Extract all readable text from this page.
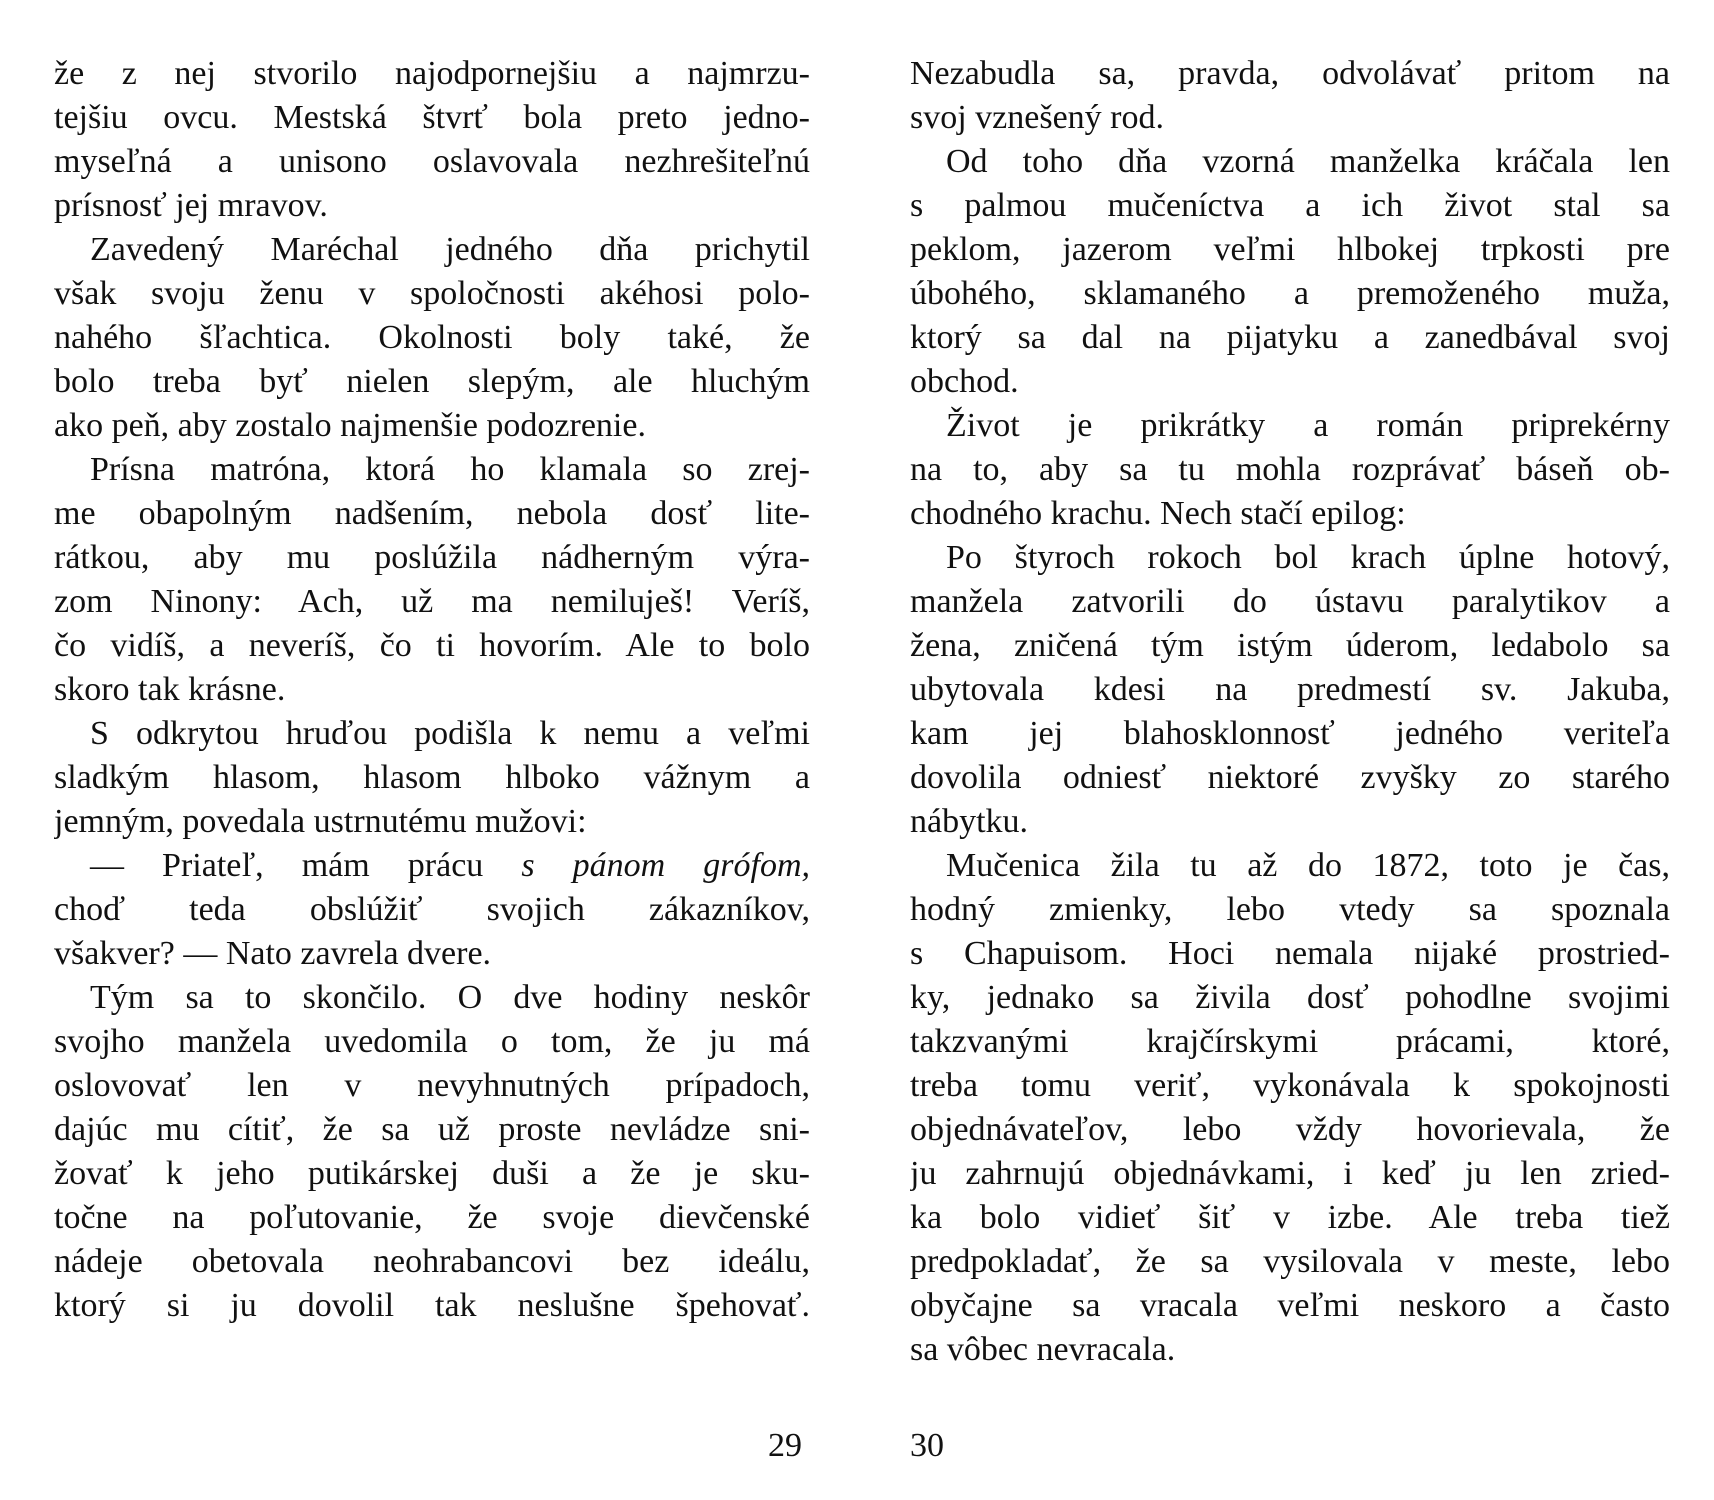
že z nej stvorilo najodpornejšiu a najmrzu-
tejšiu ovcu. Mestská štvrť bola preto jedno-
myseľná a unisono oslavovala nezhrešiteľnú
prísnosť jej mravov.
Zavedený Maréchal jedného dňa prichytil
však svoju ženu v spoločnosti akéhosi polo-
nahého šľachtica. Okolnosti boly také, že
bolo treba byť nielen slepým, ale hluchým
ako peň, aby zostalo najmenšie podozrenie.
Prísna matróna, ktorá ho klamala so zrej-
me obapolným nadšením, nebola dosť lite-
rátkou, aby mu poslúžila nádherným výra-
zom Ninony: Ach, už ma nemiluješ! Veríš,
čo vidíš, a neveríš, čo ti hovorím. Ale to bolo
skoro tak krásne.
S odkrytou hruďou podišla k nemu a veľmi
sladkým hlasom, hlasom hlboko vážnym a
jemným, povedala ustrnutému mužovi:
— Priateľ, mám prácu s pánom grófom,
choď teda obslúžiť svojich zákazníkov,
všakver? — Nato zavrela dvere.
Tým sa to skončilo. O dve hodiny neskôr
svojho manžela uvedomila o tom, že ju má
oslovovať len v nevyhnutných prípadoch,
dajúc mu cítiť, že sa už proste nevládze sni-
žovať k jeho putikárskej duši a že je sku-
točne na poľutovanie, že svoje dievčenské
nádeje obetovala neohrabancovi bez ideálu,
ktorý si ju dovolil tak neslušne špehovať.
Nezabudla sa, pravda, odvolávať pritom na
svoj vznešený rod.
Od toho dňa vzorná manželka kráčala len
s palmou mučeníctva a ich život stal sa
peklom, jazerom veľmi hlbokej trpkosti pre
úbohého, sklamaného a premoženého muža,
ktorý sa dal na pijatyku a zanedbával svoj
obchod.
Život je prikrátky a román priprekérny
na to, aby sa tu mohla rozprávať báseň ob-
chodného krachu. Nech stačí epilog:
Po štyroch rokoch bol krach úplne hotový,
manžela zatvorili do ústavu paralytikov a
žena, zničená tým istým úderom, ledabolo sa
ubytovala kdesi na predmestí sv. Jakuba,
kam jej blahosklonnosť jedného veriteľa
dovolila odniesť niektoré zvyšky zo starého
nábytku.
Mučenica žila tu až do 1872, toto je čas,
hodný zmienky, lebo vtedy sa spoznala
s Chapuisom. Hoci nemala nijaké prostried-
ky, jednako sa živila dosť pohodlne svojimi
takzvanými krajčírskymi prácami, ktoré,
treba tomu veriť, vykonávala k spokojnosti
objednávateľov, lebo vždy hovorievala, že
ju zahrnujú objednávkami, i keď ju len zried-
ka bolo vidieť šiť v izbe. Ale treba tiež
predpokladať, že sa vysilovala v meste, lebo
obyčajne sa vracala veľmi neskoro a často
sa vôbec nevracala.
29	30
